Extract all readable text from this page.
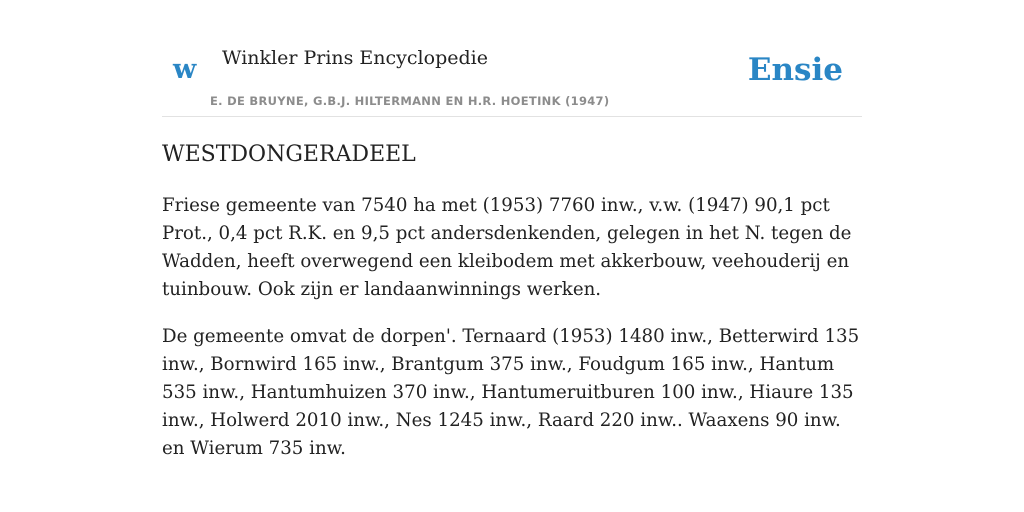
w Winkler Prins Encyclopedie
E. DE BRUYNE, G.B.J. HILTERMANN EN H.R. HOETINK (1947)
Ensie
WESTDONGERADEEL

Friese gemeente van 7540 ha met (1953) 7760 inw., v.w. (1947) 90,1 pct Prot., 0,4 pct R.K. en 9,5 pct andersdenkenden, gelegen in het N. tegen de Wadden, heeft overwegend een kleibodem met akkerbouw, veehouderij en tuinbouw. Ook zijn er landaanwinnings werken.

De gemeente omvat de dorpen'. Ternaard (1953) 1480 inw., Betterwird 135 inw., Bornwird 165 inw., Brantgum 375 inw., Foudgum 165 inw., Hantum 535 inw., Hantumhuizen 370 inw., Hantumeruitburen 100 inw., Hiaure 135 inw., Holwerd 2010 inw., Nes 1245 inw., Raard 220 inw.. Waaxens 90 inw. en Wierum 735 inw.
